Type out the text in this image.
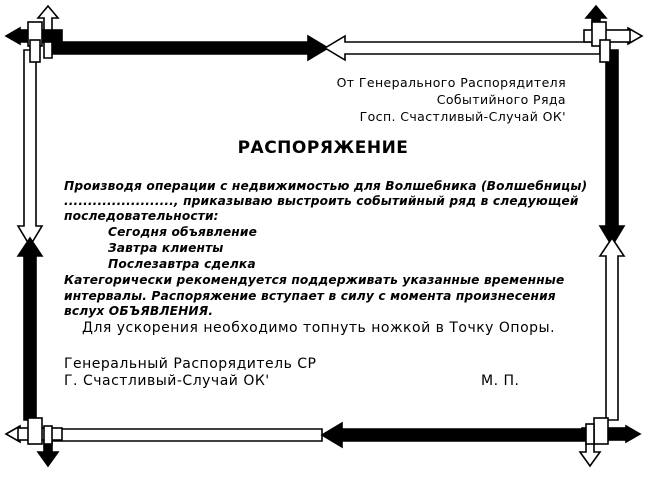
От Генерального Распорядителя
Событийного Ряда
Госп. Счастливый-Случай ОК'
РАСПОРЯЖЕНИЕ
Производя операции с недвижимостью для Волшебника (Волшебницы)
......................., приказываю выстроить событийный ряд в следующей
последовательности:
Сегодня объявление
Завтра клиенты
Послезавтра сделка
Категорически рекомендуется поддерживать указанные временные
интервалы. Распоряжение вступает в силу с момента произнесения
вслух ОБЪЯВЛЕНИЯ.
Для ускорения необходимо топнуть ножкой в Точку Опоры.
Генеральный Распорядитель СР
Г. Счастливый-Случай ОК'	М. П.
